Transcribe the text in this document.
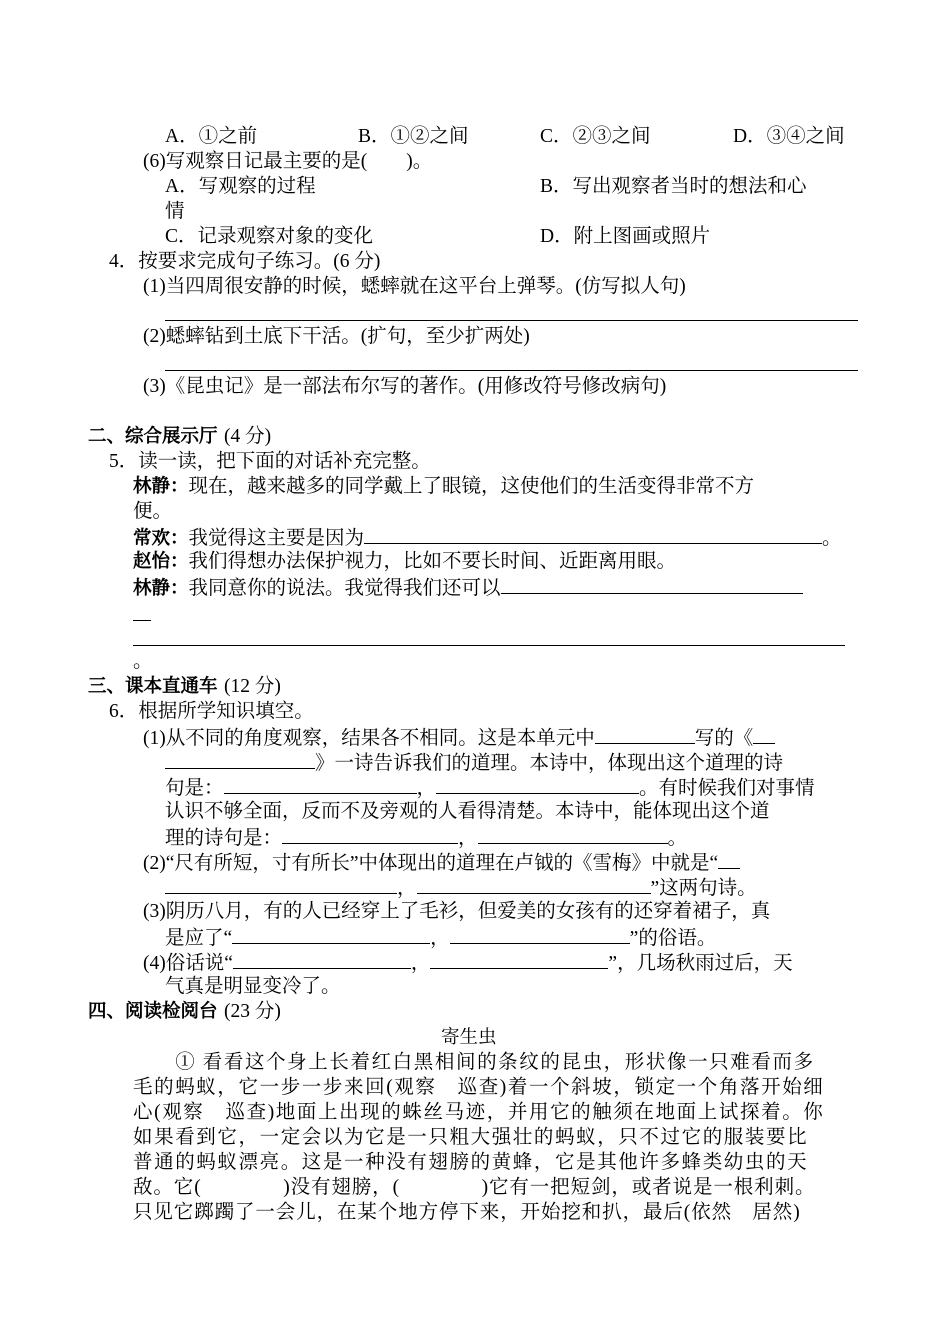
A．①之前	B．①②之间	C．②③之间	D．③④之间
(6)写观察日记最主要的是(　　)。
A．写观察的过程	B．写出观察者当时的想法和心
情
C．记录观察对象的变化	D．附上图画或照片
4．按要求完成句子练习。(6 分)
(1)当四周很安静的时候，蟋蟀就在这平台上弹琴。(仿写拟人句)
(2)蟋蟀钻到土底下干活。(扩句，至少扩两处)
(3)《昆虫记》是一部法布尔写的著作。(用修改符号修改病句)
二、综合展示厅 (4 分)
5．读一读，把下面的对话补充完整。
林静：现在，越来越多的同学戴上了眼镜，这使他们的生活变得非常不方
便。
常欢：我觉得这主要是因为	。
赵怡：我们得想办法保护视力，比如不要长时间、近距离用眼。
林静：我同意你的说法。我觉得我们还可以
。
三、课本直通车 (12 分)
6．根据所学知识填空。
(1)从不同的角度观察，结果各不相同。这是本单元中	写的《
》一诗告诉我们的道理。本诗中，体现出这个道理的诗
句是：	，	。有时候我们对事情
认识不够全面，反而不及旁观的人看得清楚。本诗中，能体现出这个道
理的诗句是：	，	。
(2)“尺有所短，寸有所长”中体现出的道理在卢钺的《雪梅》中就是“
，	”这两句诗。
(3)阴历八月，有的人已经穿上了毛衫，但爱美的女孩有的还穿着裙子，真
是应了“	，	”的俗语。
(4)俗话说“	，	”，几场秋雨过后，天
气真是明显变冷了。
四、阅读检阅台 (23 分)
寄生虫
　　① 看看这个身上长着红白黑相间的条纹的昆虫，形状像一只难看而多
毛的蚂蚁，它一步一步来回(观察　巡查)着一个斜坡，锁定一个角落开始细
心(观察　巡查)地面上出现的蛛丝马迹，并用它的触须在地面上试探着。你
如果看到它，一定会以为它是一只粗大强壮的蚂蚁，只不过它的服装要比
普通的蚂蚁漂亮。这是一种没有翅膀的黄蜂，它是其他许多蜂类幼虫的天
敌。它(　　　　)没有翅膀，(　　　　)它有一把短剑，或者说是一根利刺。
只见它踯躅了一会儿，在某个地方停下来，开始挖和扒，最后(依然　居然)
